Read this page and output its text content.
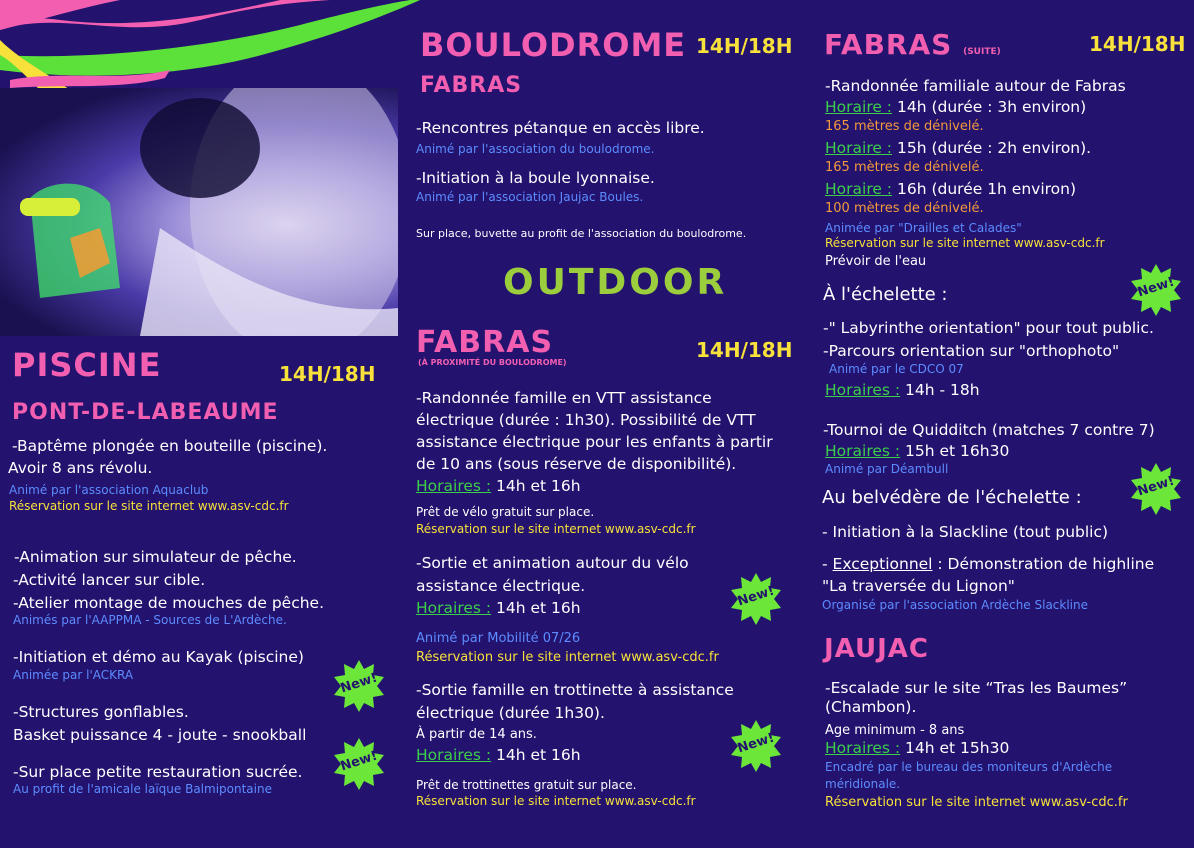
PISCINE	14H/18H
PONT-DE-LABEAUME
-Baptême plongée en bouteille (piscine).
Avoir 8 ans révolu.
Animé par l'association Aquaclub
Réservation sur le site internet www.asv-cdc.fr
-Animation sur simulateur de pêche.
-Activité lancer sur cible.
-Atelier montage de mouches de pêche.
Animés par l'AAPPMA - Sources de L'Ardèche.
-Initiation et démo au Kayak (piscine)
Animée par l'ACKRA
-Structures gonflables.
Basket puissance 4 - joute - snookball
-Sur place petite restauration sucrée.
Au profit de l'amicale laïque Balmipontaine
BOULODROME 14H/18H
FABRAS
-Rencontres pétanque en accès libre.
Animé par l'association du boulodrome.
-Initiation à la boule lyonnaise.
Animé par l'association Jaujac Boules.
Sur place, buvette au profit de l'association du boulodrome.
OUTDOOR
FABRAS
(À PROXIMITÉ DU BOULODROME)
14H/18H
-Randonnée famille en VTT assistance
électrique (durée : 1h30). Possibilité de VTT
assistance électrique pour les enfants à partir
de 10 ans (sous réserve de disponibilité).
Horaires : 14h et 16h
Prêt de vélo gratuit sur place.
Réservation sur le site internet www.asv-cdc.fr
-Sortie et animation autour du vélo
assistance électrique.
Horaires : 14h et 16h
Animé par Mobilité 07/26
Réservation sur le site internet www.asv-cdc.fr
-Sortie famille en trottinette à assistance
électrique (durée 1h30).
À partir de 14 ans.
Horaires : 14h et 16h
Prêt de trottinettes gratuit sur place.
Réservation sur le site internet www.asv-cdc.fr
FABRAS (SUITE)	14H/18H
-Randonnée familiale autour de Fabras
Horaire : 14h (durée : 3h environ)
165 mètres de dénivelé.
Horaire : 15h (durée : 2h environ).
165 mètres de dénivelé.
Horaire : 16h (durée 1h environ)
100 mètres de dénivelé.
Animée par "Drailles et Calades"
Réservation sur le site internet www.asv-cdc.fr
Prévoir de l'eau
À l'échelette :
-" Labyrinthe orientation" pour tout public.
-Parcours orientation sur "orthophoto"
Animé par le CDCO 07
Horaires : 14h - 18h
-Tournoi de Quidditch (matches 7 contre 7)
Horaires : 15h et 16h30
Animé par Déambull
Au belvédère de l'échelette :
- Initiation à la Slackline (tout public)
- Exceptionnel : Démonstration de highline
"La traversée du Lignon"
Organisé par l'association Ardèche Slackline
JAUJAC
-Escalade sur le site “Tras les Baumes”
(Chambon).
Age minimum - 8 ans
Horaires : 14h et 15h30
Encadré par le bureau des moniteurs d'Ardèche
méridionale.
Réservation sur le site internet www.asv-cdc.fr
New!
New!
New!
New!
New!
New!
